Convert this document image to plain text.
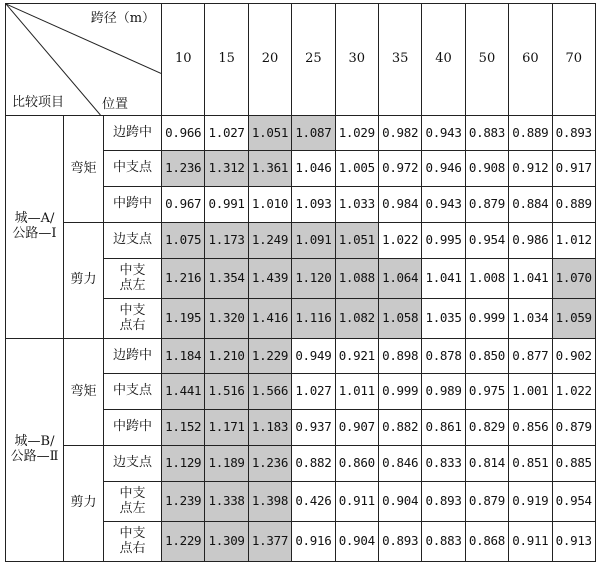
跨径（m）
比较项目 位置			10	15	20	25	30	35	40	50	60	70

城—A/
公路—Ⅰ	弯矩	边跨中	0.966	1.027	1.051	1.087	1.029	0.982	0.943	0.883	0.889	0.893
		中支点	1.236	1.312	1.361	1.046	1.005	0.972	0.946	0.908	0.912	0.917
		中跨中	0.967	0.991	1.010	1.093	1.033	0.984	0.943	0.879	0.884	0.889
	剪力	边支点	1.075	1.173	1.249	1.091	1.051	1.022	0.995	0.954	0.986	1.012

		中支
点左	1.216	1.354	1.439	1.120	1.088	1.064	1.041	1.008	1.041	1.070

		中支
点右	1.195	1.320	1.416	1.116	1.082	1.058	1.035	0.999	1.034	1.059

城—B/
公路—Ⅱ	弯矩	边跨中	1.184	1.210	1.229	0.949	0.921	0.898	0.878	0.850	0.877	0.902
		中支点	1.441	1.516	1.566	1.027	1.011	0.999	0.989	0.975	1.001	1.022
		中跨中	1.152	1.171	1.183	0.937	0.907	0.882	0.861	0.829	0.856	0.879
	剪力	边支点	1.129	1.189	1.236	0.882	0.860	0.846	0.833	0.814	0.851	0.885

		中支
点左	1.239	1.338	1.398	0.426	0.911	0.904	0.893	0.879	0.919	0.954

		中支
点右	1.229	1.309	1.377	0.916	0.904	0.893	0.883	0.868	0.911	0.913
